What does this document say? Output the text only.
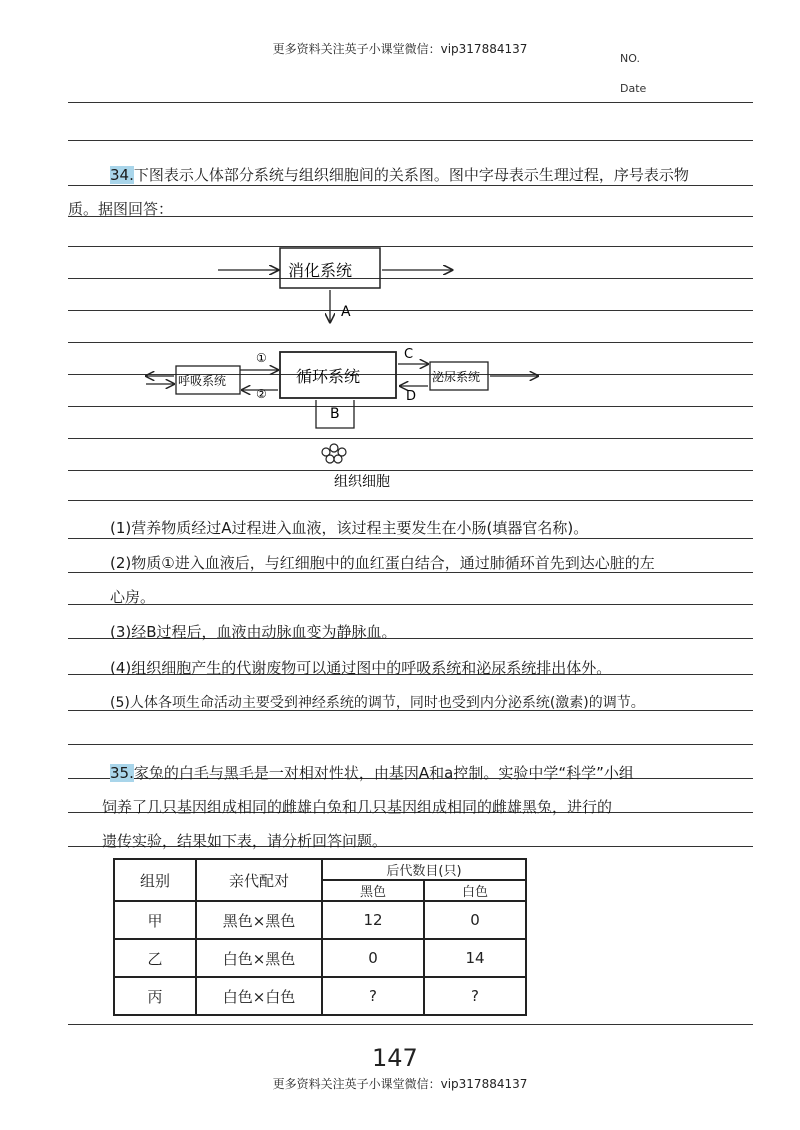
更多资料关注英子小课堂微信：vip317884137
NO.
Date
34.下图表示人体部分系统与组织细胞间的关系图。图中字母表示生理过程，序号表示物
质。据图回答：
消化系统
A
循环系统
呼吸系统	泌尿系统
①
②
C
D
B
组织细胞
(1)营养物质经过A过程进入血液，该过程主要发生在小肠(填器官名称)。
(2)物质①进入血液后，与红细胞中的血红蛋白结合，通过肺循环首先到达心脏的左
心房。
(3)经B过程后，血液由动脉血变为静脉血。
(4)组织细胞产生的代谢废物可以通过图中的呼吸系统和泌尿系统排出体外。
(5)人体各项生命活动主要受到神经系统的调节，同时也受到内分泌系统(激素)的调节。
35.家兔的白毛与黑毛是一对相对性状，由基因A和a控制。实验中学“科学”小组
饲养了几只基因组成相同的雌雄白兔和几只基因组成相同的雌雄黑兔，进行的
遗传实验，结果如下表，请分析回答问题。
组别	亲代配对	后代数目(只)	
		黑色	白色
甲	黑色×黑色	12	0
乙	白色×黑色	0	14
丙	白色×白色	?	?
147
更多资料关注英子小课堂微信：vip317884137
